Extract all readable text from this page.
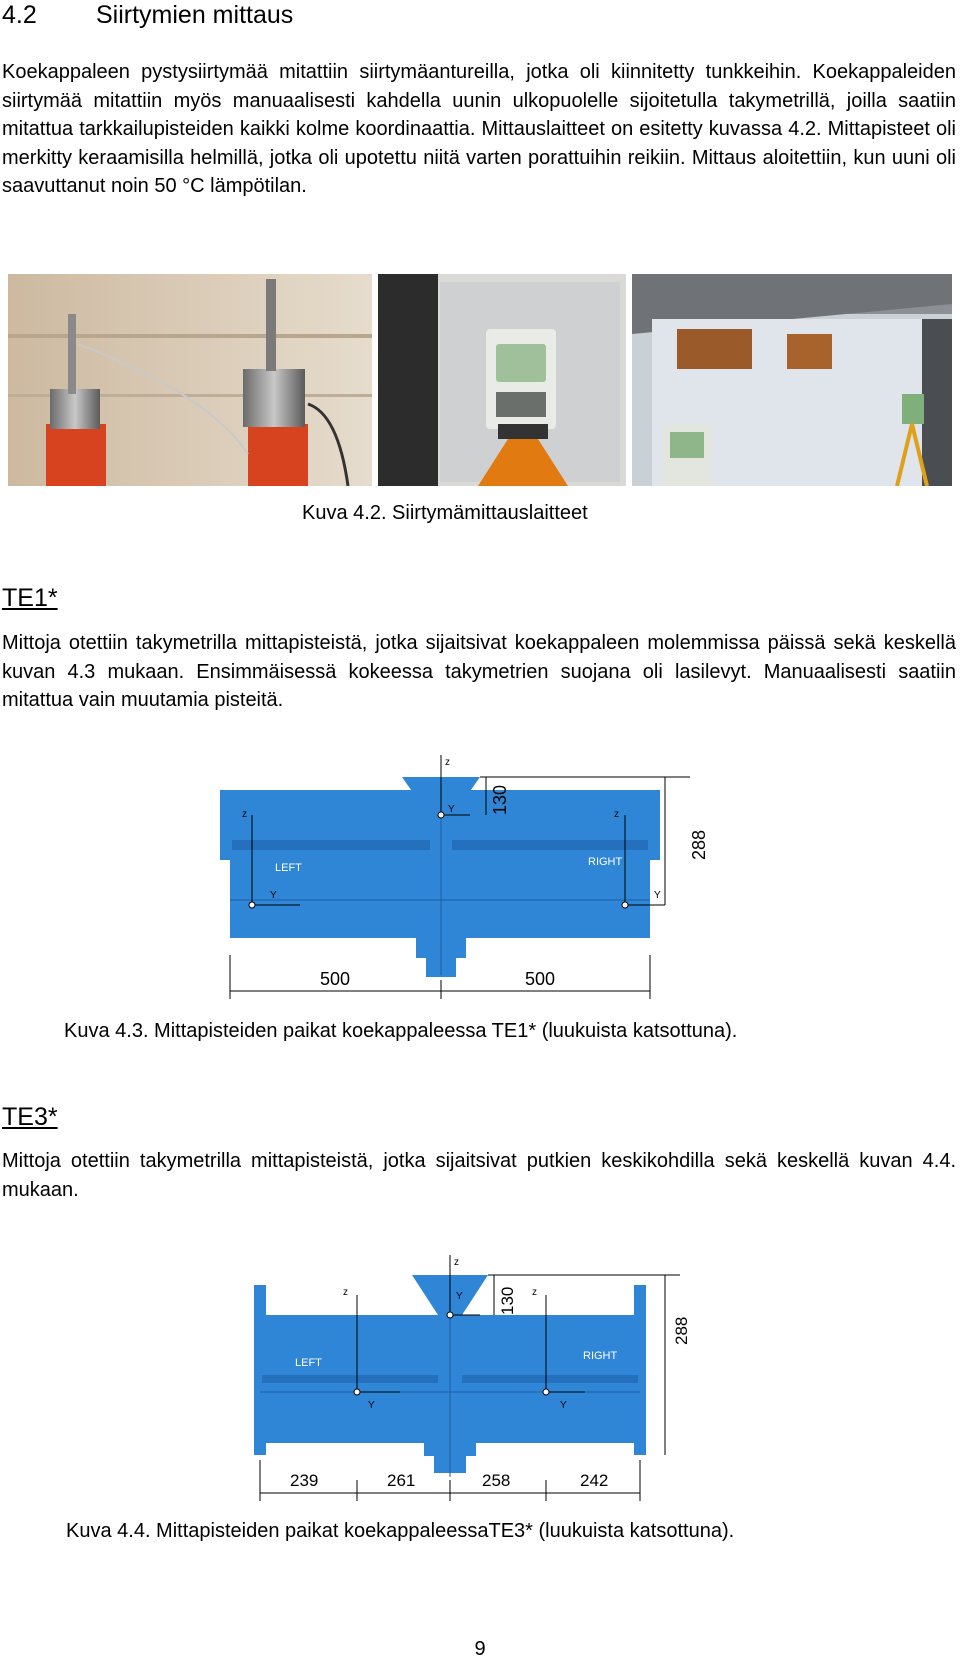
4.2 Siirtymien mittaus
Koekappaleen pystysiirtymää mitattiin siirtymäantureilla, jotka oli kiinnitetty tunkkeihin. Koekappaleiden siirtymää mitattiin myös manuaalisesti kahdella uunin ulkopuolelle sijoitetulla takymetrillä, joilla saatiin mitattua tarkkailupisteiden kaikki kolme koordinaattia. Mittauslaitteet on esitetty kuvassa 4.2. Mittapisteet oli merkitty keraamisilla helmillä, jotka oli upotettu niitä varten porattuihin reikiin. Mittaus aloitettiin, kun uuni oli saavuttanut noin 50 °C lämpötilan.
Kuva 4.2. Siirtymämittauslaitteet
TE1*
Mittoja otettiin takymetrilla mittapisteistä, jotka sijaitsivat koekappaleen molemmissa päissä sekä keskellä kuvan 4.3 mukaan. Ensimmäisessä kokeessa takymetrien suojana oli lasilevyt. Manuaalisesti saatiin mitattua vain muutamia pisteitä.
LEFT	RIGHT
z
Y
z
Y	z
Y
130
288
500	500
Kuva 4.3. Mittapisteiden paikat koekappaleessa TE1* (luukuista katsottuna).
TE3*
Mittoja otettiin takymetrilla mittapisteistä, jotka sijaitsivat putkien keskikohdilla sekä keskellä kuvan 4.4. mukaan.
LEFT
RIGHT
z
Y
z
Y	z
Y
130
288
239	261	258	242
Kuva 4.4. Mittapisteiden paikat koekappaleessaTE3* (luukuista katsottuna).
9
